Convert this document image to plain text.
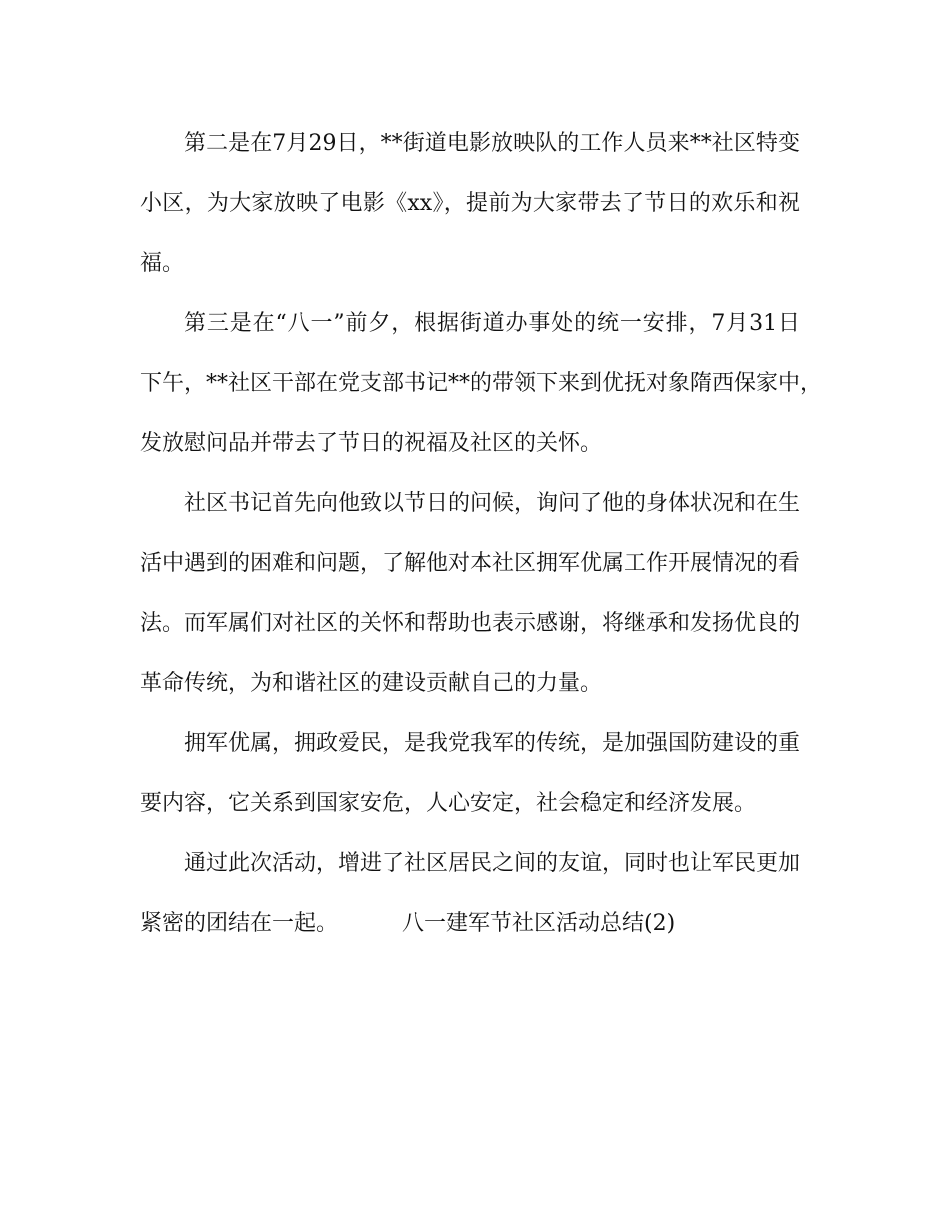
第二是在7月29日，**街道电影放映队的工作人员来**社区特变
小区，为大家放映了电影《xx》，提前为大家带去了节日的欢乐和祝
福。
第三是在“八一”前夕，根据街道办事处的统一安排，7月31日
下午，**社区干部在党支部书记**的带领下来到优抚对象隋西保家中，
发放慰问品并带去了节日的祝福及社区的关怀。
社区书记首先向他致以节日的问候，询问了他的身体状况和在生
活中遇到的困难和问题，了解他对本社区拥军优属工作开展情况的看
法。而军属们对社区的关怀和帮助也表示感谢，将继承和发扬优良的
革命传统，为和谐社区的建设贡献自己的力量。
拥军优属，拥政爱民，是我党我军的传统，是加强国防建设的重
要内容，它关系到国家安危，人心安定，社会稳定和经济发展。
通过此次活动，增进了社区居民之间的友谊，同时也让军民更加
紧密的团结在一起。	八一建军节社区活动总结(2)
